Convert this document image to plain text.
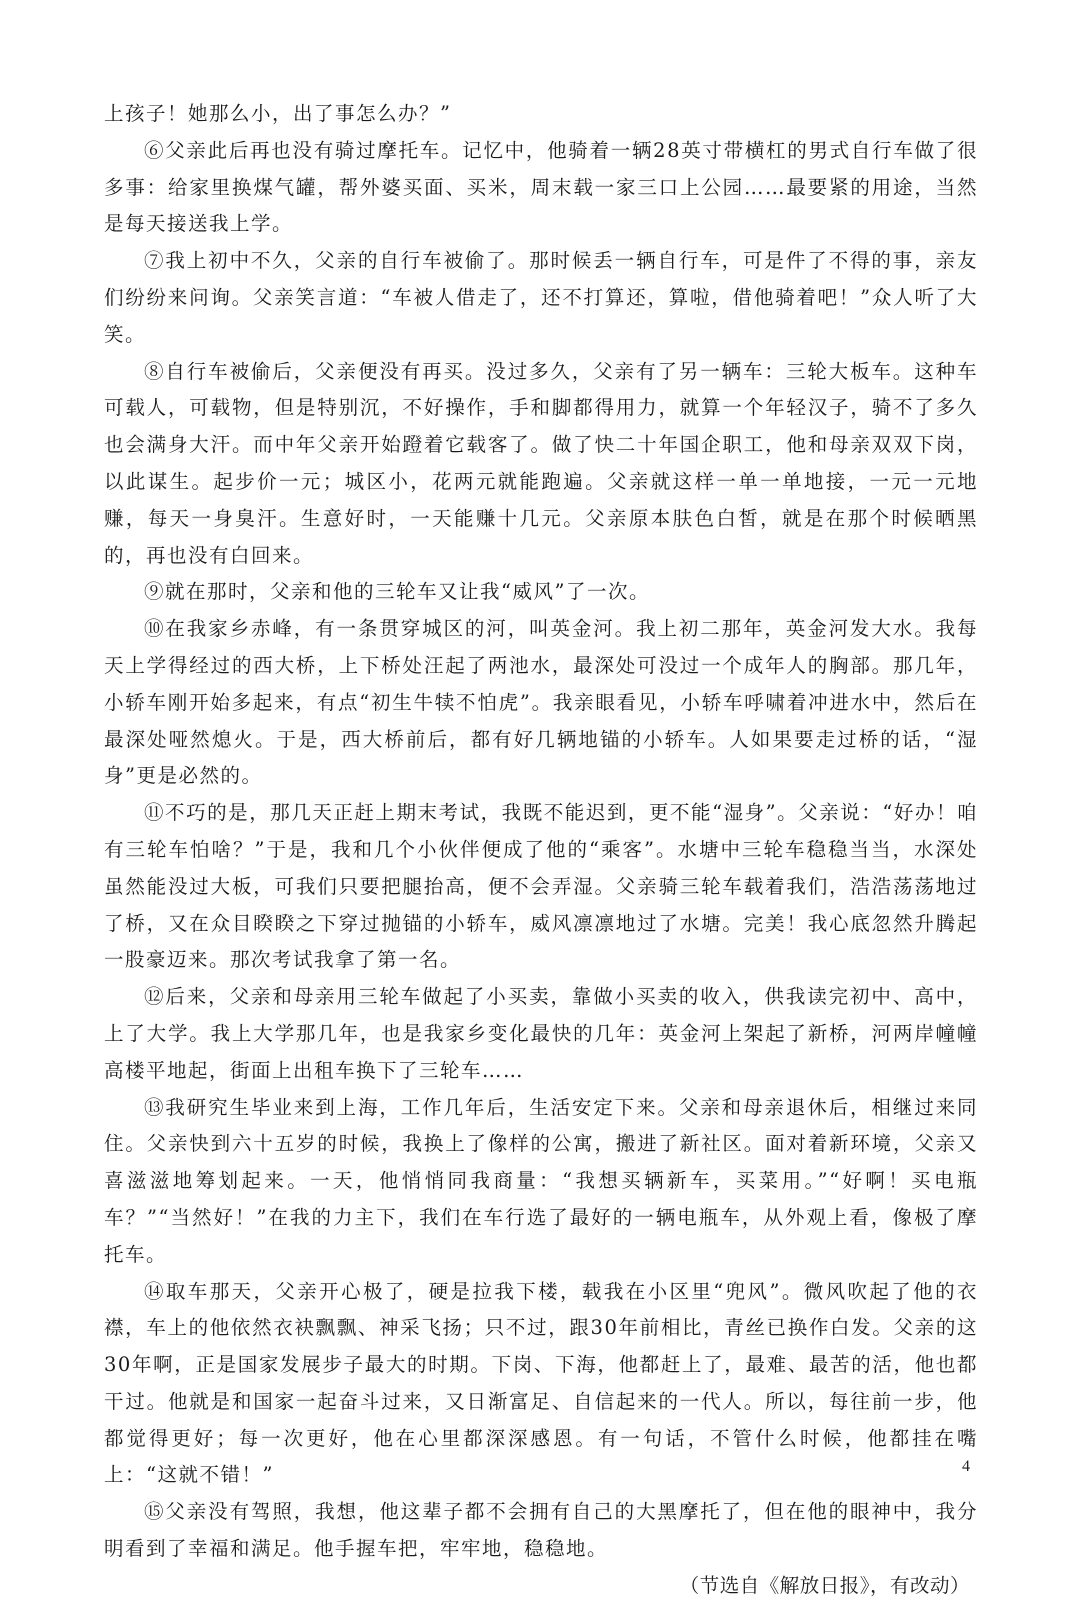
上孩子！她那么小，出了事怎么办？”

⑥父亲此后再也没有骑过摩托车。记忆中，他骑着一辆28英寸带横杠的男式自行车做了很多事：给家里换煤气罐，帮外婆买面、买米，周末载一家三口上公园……最要紧的用途，当然是每天接送我上学。

⑦我上初中不久，父亲的自行车被偷了。那时候丢一辆自行车，可是件了不得的事，亲友们纷纷来问询。父亲笑言道：“车被人借走了，还不打算还，算啦，借他骑着吧！”众人听了大笑。

⑧自行车被偷后，父亲便没有再买。没过多久，父亲有了另一辆车：三轮大板车。这种车可载人，可载物，但是特别沉，不好操作，手和脚都得用力，就算一个年轻汉子，骑不了多久也会满身大汗。而中年父亲开始蹬着它载客了。做了快二十年国企职工，他和母亲双双下岗，以此谋生。起步价一元；城区小，花两元就能跑遍。父亲就这样一单一单地接，一元一元地赚，每天一身臭汗。生意好时，一天能赚十几元。父亲原本肤色白皙，就是在那个时候晒黑的，再也没有白回来。

⑨就在那时，父亲和他的三轮车又让我“威风”了一次。

⑩在我家乡赤峰，有一条贯穿城区的河，叫英金河。我上初二那年，英金河发大水。我每天上学得经过的西大桥，上下桥处汪起了两池水，最深处可没过一个成年人的胸部。那几年，小轿车刚开始多起来，有点“初生牛犊不怕虎”。我亲眼看见，小轿车呼啸着冲进水中，然后在最深处哑然熄火。于是，西大桥前后，都有好几辆地锚的小轿车。人如果要走过桥的话，“湿身”更是必然的。

⑪不巧的是，那几天正赶上期末考试，我既不能迟到，更不能“湿身”。父亲说：“好办！咱有三轮车怕啥？”于是，我和几个小伙伴便成了他的“乘客”。水塘中三轮车稳稳当当，水深处虽然能没过大板，可我们只要把腿抬高，便不会弄湿。父亲骑三轮车载着我们，浩浩荡荡地过了桥，又在众目睽睽之下穿过抛锚的小轿车，威风凛凛地过了水塘。完美！我心底忽然升腾起一股豪迈来。那次考试我拿了第一名。

⑫后来，父亲和母亲用三轮车做起了小买卖，靠做小买卖的收入，供我读完初中、高中，上了大学。我上大学那几年，也是我家乡变化最快的几年：英金河上架起了新桥，河两岸幢幢高楼平地起，街面上出租车换下了三轮车……

⑬我研究生毕业来到上海，工作几年后，生活安定下来。父亲和母亲退休后，相继过来同住。父亲快到六十五岁的时候，我换上了像样的公寓，搬进了新社区。面对着新环境，父亲又喜滋滋地筹划起来。一天，他悄悄同我商量：“我想买辆新车，买菜用。”“好啊！买电瓶车？”“当然好！”在我的力主下，我们在车行选了最好的一辆电瓶车，从外观上看，像极了摩托车。

⑭取车那天，父亲开心极了，硬是拉我下楼，载我在小区里“兜风”。微风吹起了他的衣襟，车上的他依然衣袂飘飘、神采飞扬；只不过，跟30年前相比，青丝已换作白发。父亲的这30年啊，正是国家发展步子最大的时期。下岗、下海，他都赶上了，最难、最苦的活，他也都干过。他就是和国家一起奋斗过来，又日渐富足、自信起来的一代人。所以，每往前一步，他都觉得更好；每一次更好，他在心里都深深感恩。有一句话，不管什么时候，他都挂在嘴上：“这就不错！”

⑮父亲没有驾照，我想，他这辈子都不会拥有自己的大黑摩托了，但在他的眼神中，我分明看到了幸福和满足。他手握车把，牢牢地，稳稳地。

（节选自《解放日报》，有改动）

4
